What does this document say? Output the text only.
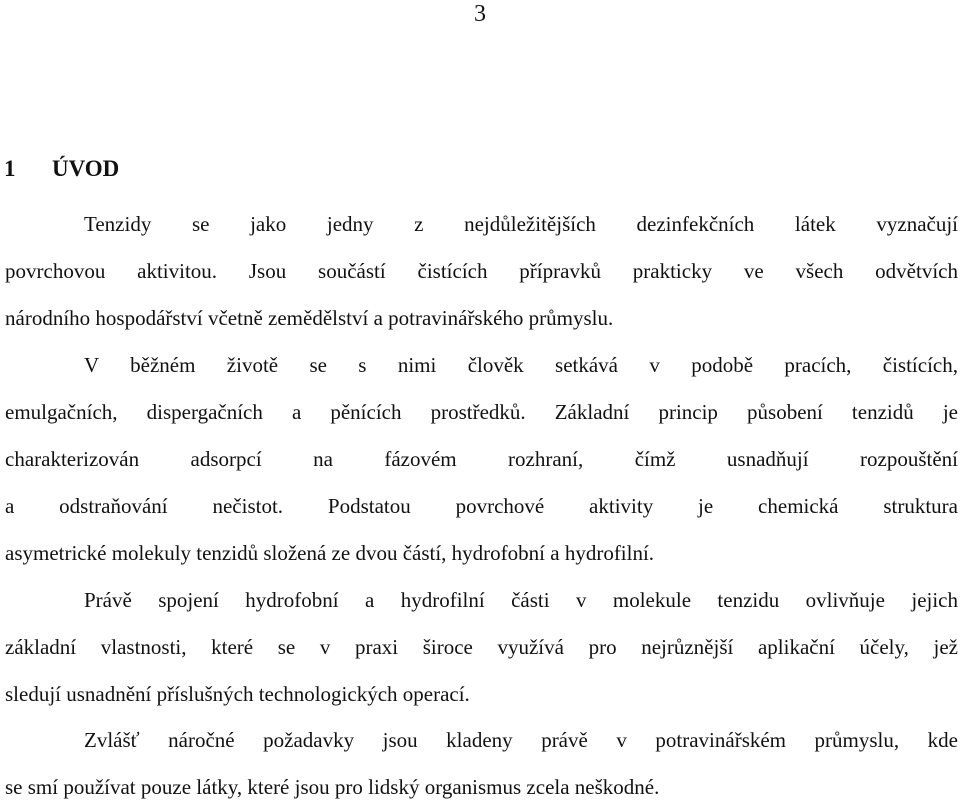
3
1 ÚVOD
Tenzidy se jako jedny z nejdůležitějších dezinfekčních látek vyznačují
povrchovou aktivitou. Jsou součástí čistících přípravků prakticky ve všech odvětvích
národního hospodářství včetně zemědělství a potravinářského průmyslu.
V běžném životě se s nimi člověk setkává v podobě pracích, čistících,
emulgačních, dispergačních a pěnících prostředků. Základní princip působení tenzidů je
charakterizován adsorpcí na fázovém rozhraní, čímž usnadňují rozpouštění
a odstraňování nečistot. Podstatou povrchové aktivity je chemická struktura
asymetrické molekuly tenzidů složená ze dvou částí, hydrofobní a hydrofilní.
Právě spojení hydrofobní a hydrofilní části v molekule tenzidu ovlivňuje jejich
základní vlastnosti, které se v praxi široce využívá pro nejrůznější aplikační účely, jež
sledují usnadnění příslušných technologických operací.
Zvlášť náročné požadavky jsou kladeny právě v potravinářském průmyslu, kde
se smí používat pouze látky, které jsou pro lidský organismus zcela neškodné.
